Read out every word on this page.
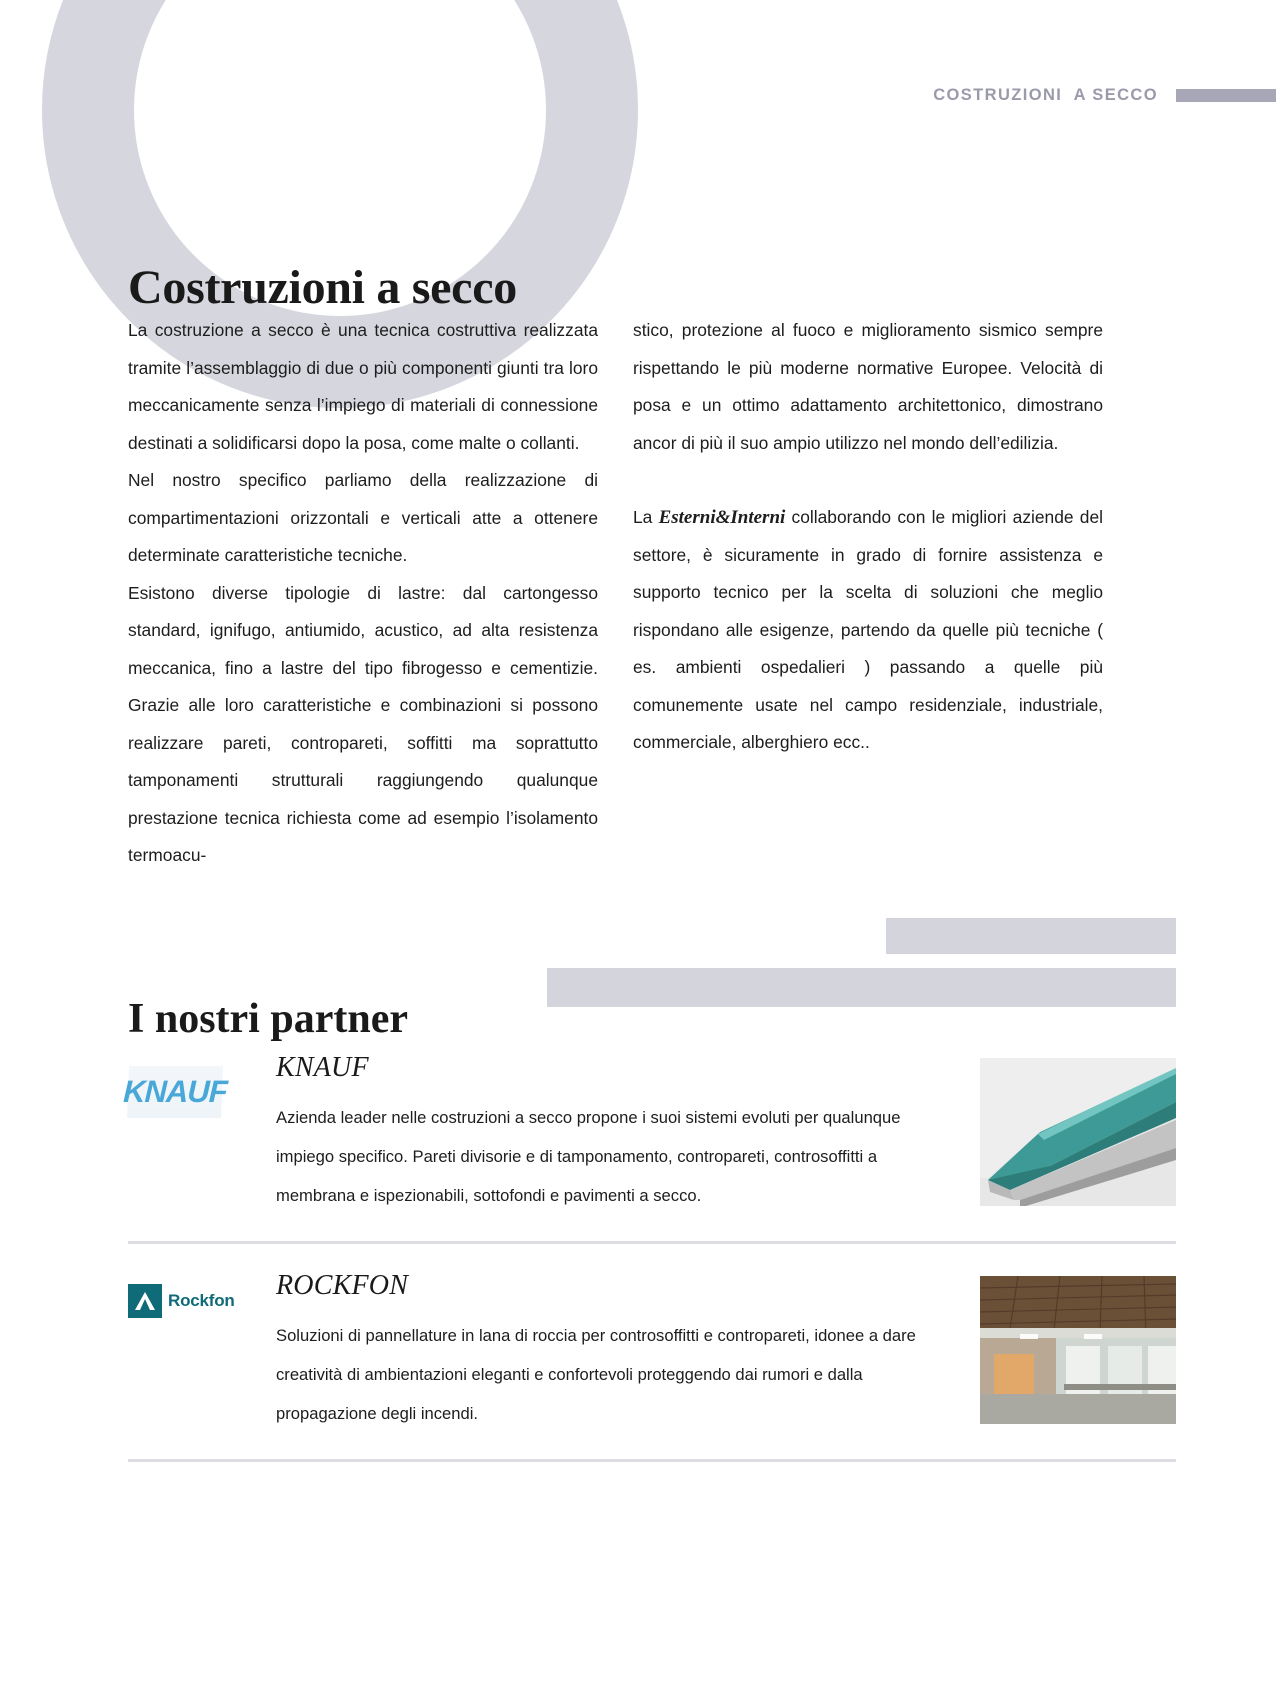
COSTRUZIONI  A SECCO
Costruzioni a secco

La costruzione a secco è una tecnica costruttiva realizzata tramite l’assemblaggio di due o più componenti giunti tra loro meccanicamente senza l’impiego di materiali di connessione destinati a solidificarsi dopo la posa, come malte o collanti.

Nel nostro specifico parliamo della realizzazione di compartimentazioni orizzontali e verticali atte a ottenere determinate caratteristiche tecniche.

Esistono diverse tipologie di lastre: dal cartongesso standard, ignifugo, antiumido, acustico, ad alta resistenza meccanica, fino a lastre del tipo fibrogesso e cementizie. Grazie alle loro caratteristiche e combinazioni si possono realizzare pareti, contropareti, soffitti ma soprattutto tamponamenti strutturali raggiungendo qualunque prestazione tecnica richiesta come ad esempio l’isolamento termoacu-

stico, protezione al fuoco e miglioramento sismico sempre rispettando le più moderne normative Europee. Velocità di posa e un ottimo adattamento architettonico, dimostrano ancor di più il suo ampio utilizzo nel mondo dell’edilizia.

La Esterni&Interni collaborando con le migliori aziende del settore, è sicuramente in grado di fornire assistenza e supporto tecnico per la scelta di soluzioni che meglio rispondano alle esigenze, partendo da quelle più tecniche ( es. ambienti ospedalieri ) passando a quelle più comunemente usate nel campo residenziale, industriale, commerciale, alberghiero ecc..

I nostri partner
KNAUF
KNAUF

Azienda leader nelle costruzioni a secco propone i suoi sistemi evoluti per qualunque impiego specifico. Pareti divisorie e di tamponamento, contropareti, controsoffitti a membrana e ispezionabili, sottofondi e pavimenti a secco.

Rockfon ROCKFON

Soluzioni di pannellature in lana di roccia per controsoffitti e contropareti, idonee a dare creatività di ambientazioni eleganti e confortevoli proteggendo dai rumori e dalla propagazione degli incendi.
